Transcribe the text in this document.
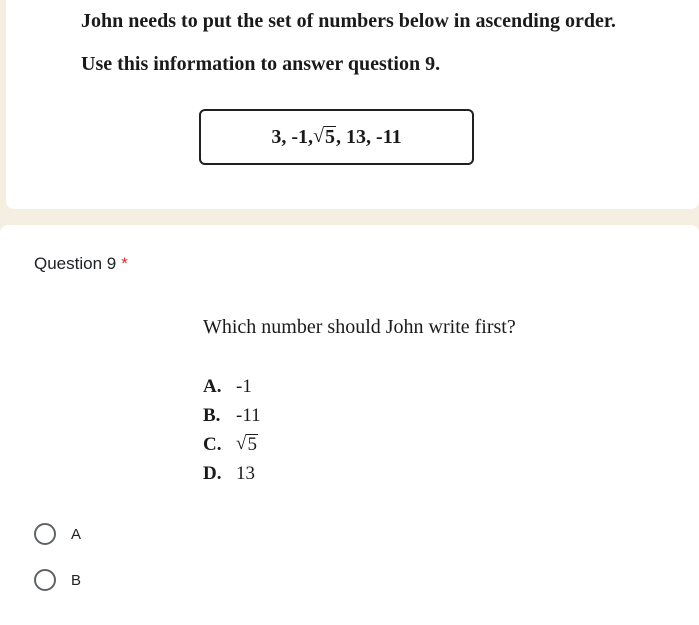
John needs to put the set of numbers below in ascending order.
Use this information to answer question 9.
3, -1, √ 5 , 13, -11
Question 9 *
Which number should John write first?
A. -1
B. -11
C. √ 5
D. 13
A
B
